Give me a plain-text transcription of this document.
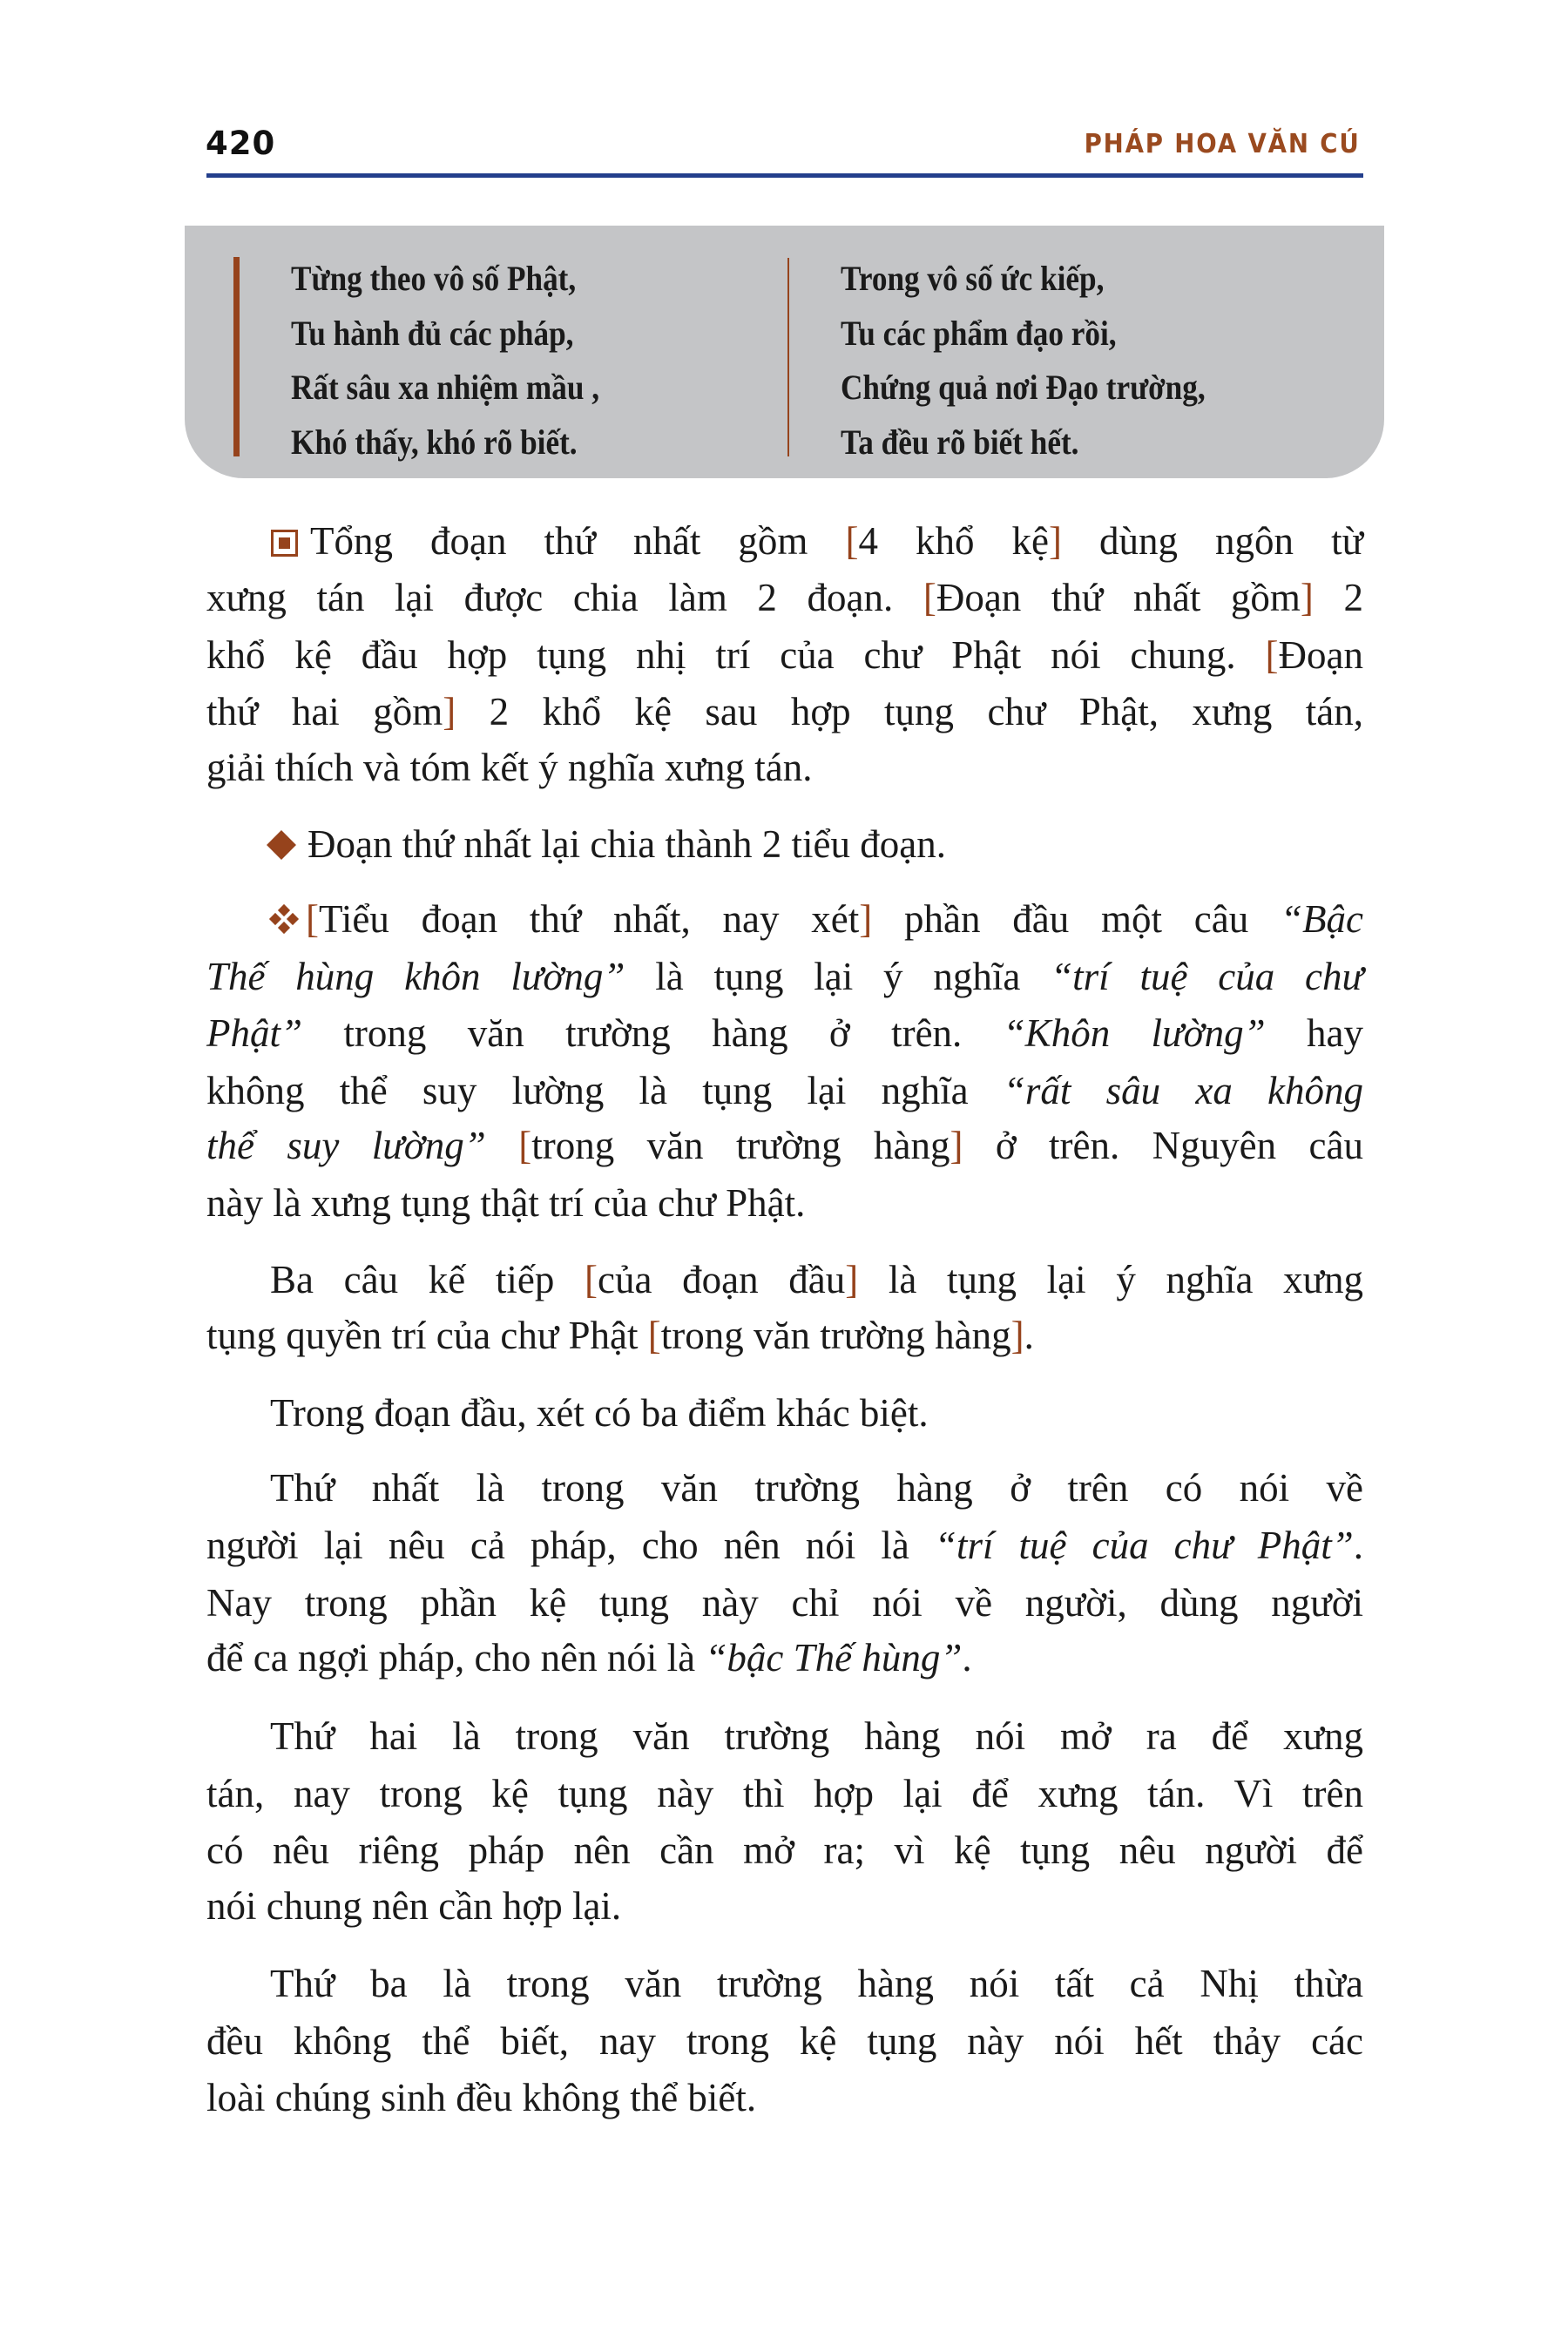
420	PHÁP HOA VĂN CÚ
Từng theo vô số Phật,
Tu hành đủ các pháp,
Rất sâu xa nhiệm mầu ,
Khó thấy, khó rõ biết.
Trong vô số ức kiếp,
Tu các phẩm đạo rồi,
Chứng quả nơi Đạo trường,
Ta đều rõ biết hết.
Tổng đoạn thứ nhất gồm [4 khổ kệ] dùng ngôn từ
xưng tán lại được chia làm 2 đoạn. [Đoạn thứ nhất gồm] 2
khổ kệ đầu hợp tụng nhị trí của chư Phật nói chung. [Đoạn
thứ hai gồm] 2 khổ kệ sau hợp tụng chư Phật, xưng tán,
giải thích và tóm kết ý nghĩa xưng tán.
Đoạn thứ nhất lại chia thành 2 tiểu đoạn.
[Tiểu đoạn thứ nhất, nay xét] phần đầu một câu “Bậc
Thế hùng khôn lường” là tụng lại ý nghĩa “trí tuệ của chư
Phật” trong văn trường hàng ở trên. “Khôn lường” hay
không thể suy lường là tụng lại nghĩa “rất sâu xa không
thể suy lường” [trong văn trường hàng] ở trên. Nguyên câu
này là xưng tụng thật trí của chư Phật.
Ba câu kế tiếp [của đoạn đầu] là tụng lại ý nghĩa xưng
tụng quyền trí của chư Phật [trong văn trường hàng].
Trong đoạn đầu, xét có ba điểm khác biệt.
Thứ nhất là trong văn trường hàng ở trên có nói về
người lại nêu cả pháp, cho nên nói là “trí tuệ của chư Phật”.
Nay trong phần kệ tụng này chỉ nói về người, dùng người
để ca ngợi pháp, cho nên nói là “bậc Thế hùng”.
Thứ hai là trong văn trường hàng nói mở ra để xưng
tán, nay trong kệ tụng này thì hợp lại để xưng tán. Vì trên
có nêu riêng pháp nên cần mở ra; vì kệ tụng nêu người để
nói chung nên cần hợp lại.
Thứ ba là trong văn trường hàng nói tất cả Nhị thừa
đều không thể biết, nay trong kệ tụng này nói hết thảy các
loài chúng sinh đều không thể biết.
